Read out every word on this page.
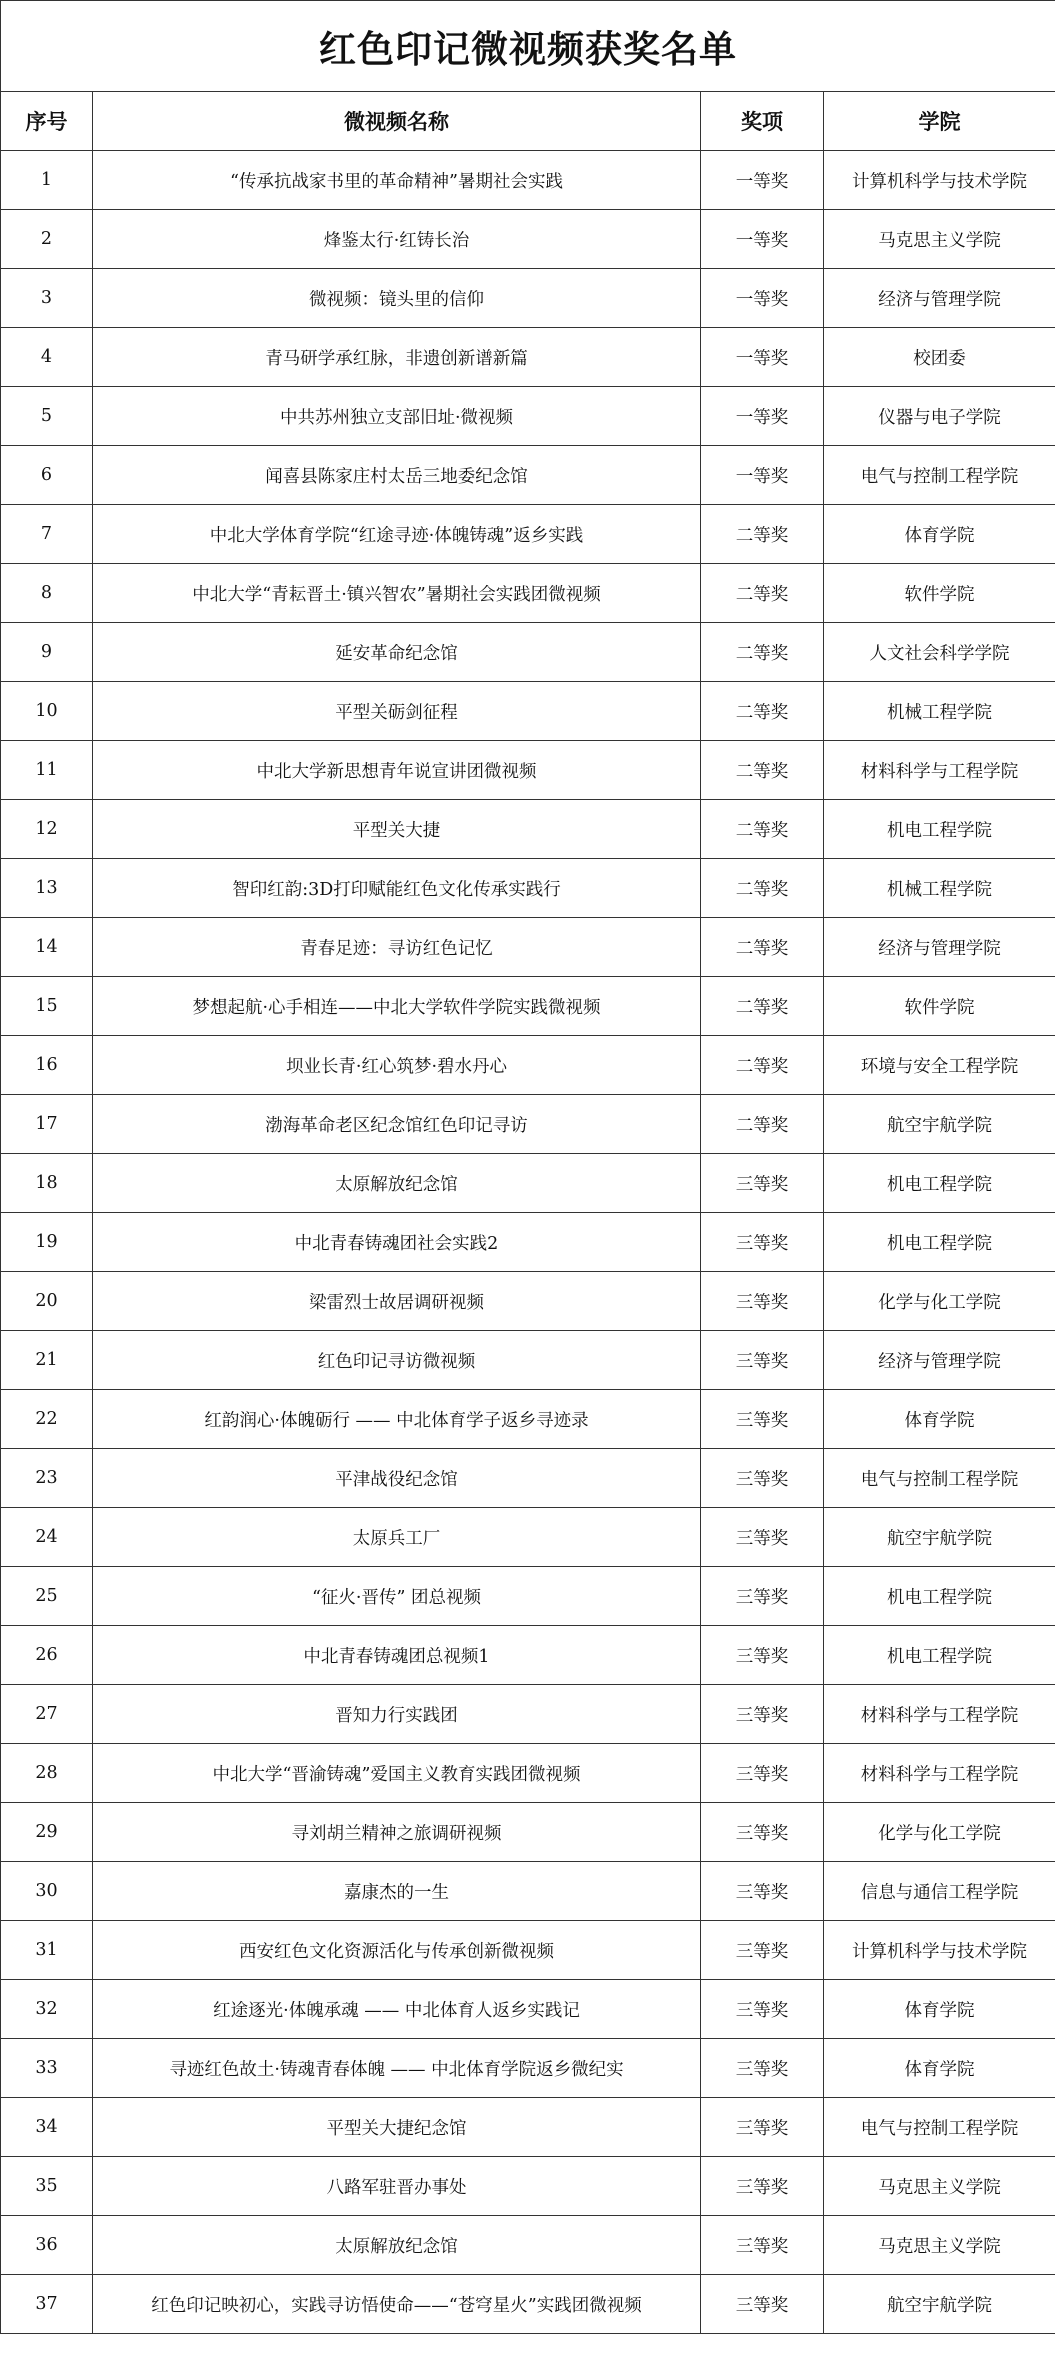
红色印记微视频获奖名单			
序号	微视频名称	奖项	学院
1	“传承抗战家书里的革命精神”暑期社会实践	一等奖	计算机科学与技术学院
2	烽鉴太行·红铸长治	一等奖	马克思主义学院
3	微视频：镜头里的信仰	一等奖	经济与管理学院
4	青马研学承红脉，非遗创新谱新篇	一等奖	校团委
5	中共苏州独立支部旧址·微视频	一等奖	仪器与电子学院
6	闻喜县陈家庄村太岳三地委纪念馆	一等奖	电气与控制工程学院
7	中北大学体育学院“红途寻迹·体魄铸魂”返乡实践	二等奖	体育学院
8	中北大学“青耘晋土·镇兴智农”暑期社会实践团微视频	二等奖	软件学院
9	延安革命纪念馆	二等奖	人文社会科学学院
10	平型关砺剑征程	二等奖	机械工程学院
11	中北大学新思想青年说宣讲团微视频	二等奖	材料科学与工程学院
12	平型关大捷	二等奖	机电工程学院
13	智印红韵:3D打印赋能红色文化传承实践行	二等奖	机械工程学院
14	青春足迹：寻访红色记忆	二等奖	经济与管理学院
15	梦想起航·心手相连——中北大学软件学院实践微视频	二等奖	软件学院
16	坝业长青·红心筑梦·碧水丹心	二等奖	环境与安全工程学院
17	渤海革命老区纪念馆红色印记寻访	二等奖	航空宇航学院
18	太原解放纪念馆	三等奖	机电工程学院
19	中北青春铸魂团社会实践2	三等奖	机电工程学院
20	梁雷烈士故居调研视频	三等奖	化学与化工学院
21	红色印记寻访微视频	三等奖	经济与管理学院
22	红韵润心·体魄砺行 —— 中北体育学子返乡寻迹录	三等奖	体育学院
23	平津战役纪念馆	三等奖	电气与控制工程学院
24	太原兵工厂	三等奖	航空宇航学院
25	“征火·晋传” 团总视频	三等奖	机电工程学院
26	中北青春铸魂团总视频1	三等奖	机电工程学院
27	晋知力行实践团	三等奖	材料科学与工程学院
28	中北大学“晋渝铸魂”爱国主义教育实践团微视频	三等奖	材料科学与工程学院
29	寻刘胡兰精神之旅调研视频	三等奖	化学与化工学院
30	嘉康杰的一生	三等奖	信息与通信工程学院
31	西安红色文化资源活化与传承创新微视频	三等奖	计算机科学与技术学院
32	红途逐光·体魄承魂 —— 中北体育人返乡实践记	三等奖	体育学院
33	寻迹红色故土·铸魂青春体魄 —— 中北体育学院返乡微纪实	三等奖	体育学院
34	平型关大捷纪念馆	三等奖	电气与控制工程学院
35	八路军驻晋办事处	三等奖	马克思主义学院
36	太原解放纪念馆	三等奖	马克思主义学院
37	红色印记映初心，实践寻访悟使命——“苍穹星火”实践团微视频	三等奖	航空宇航学院
